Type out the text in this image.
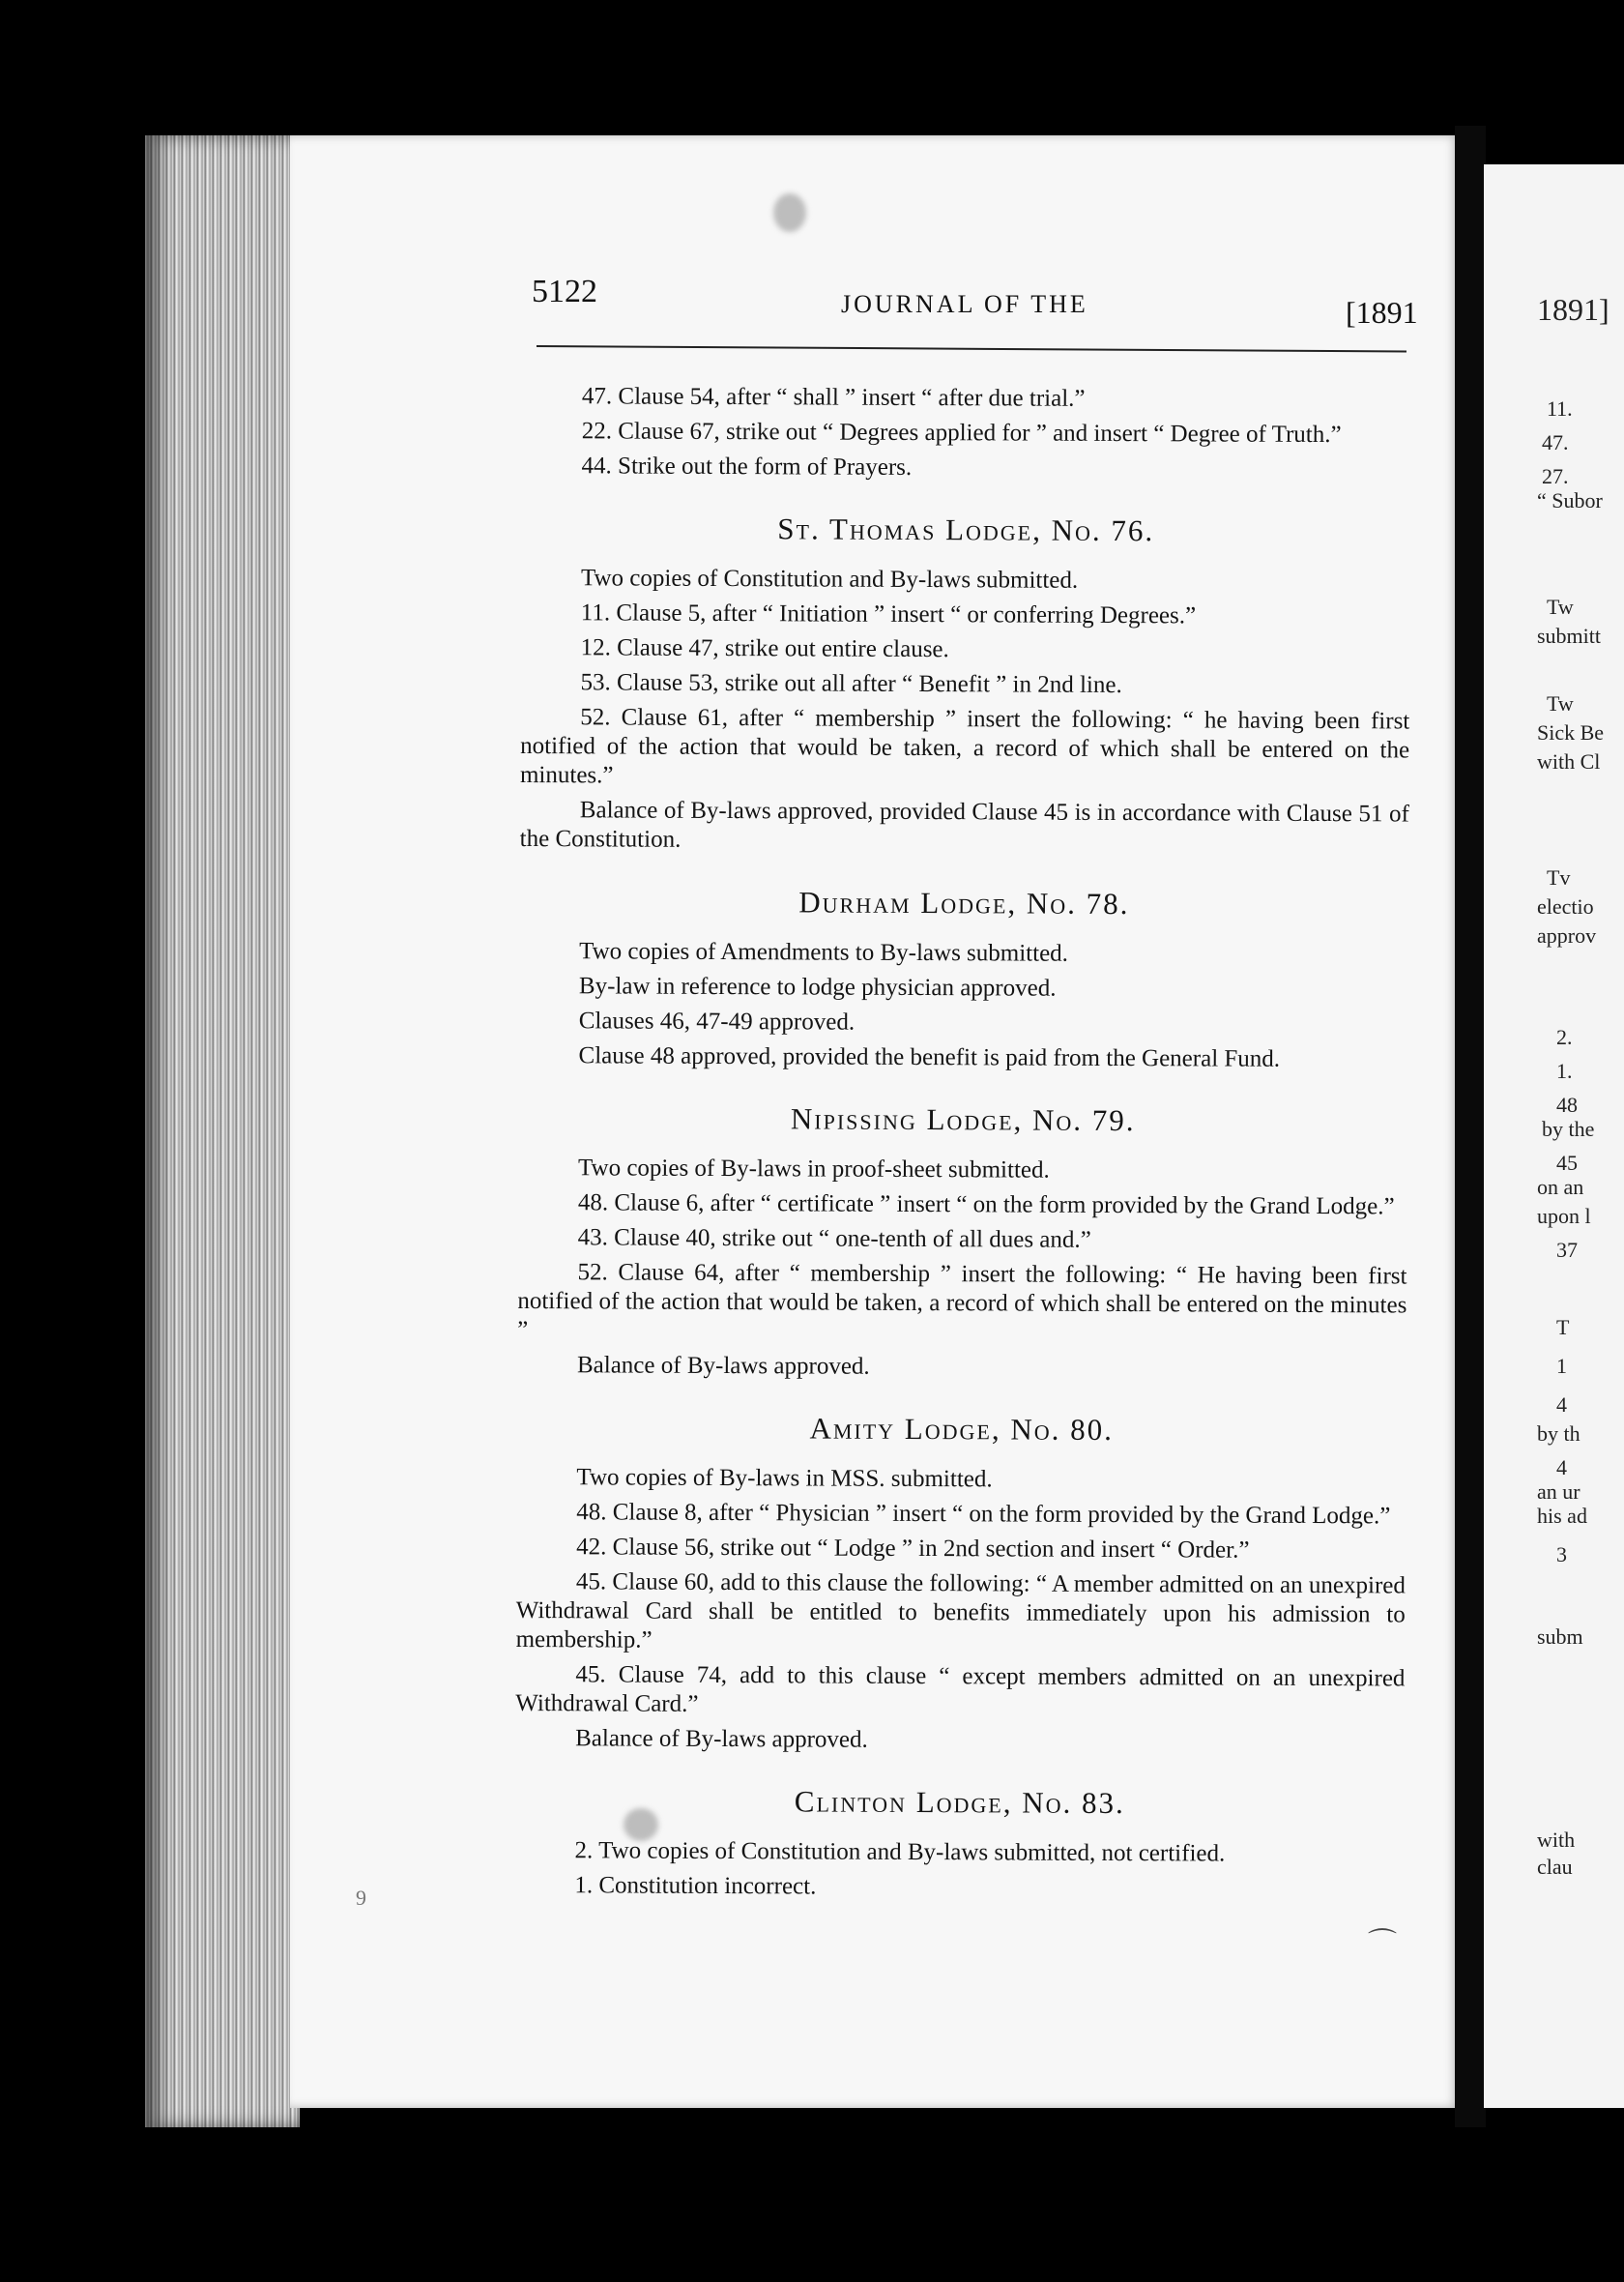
5122	JOURNAL OF THE	[1891

47. Clause 54, after “ shall ” insert “ after due trial.”

22. Clause 67, strike out “ Degrees applied for ” and insert “ Degree of Truth.”

44. Strike out the form of Prayers.

St. Thomas Lodge, No. 76.

Two copies of Constitution and By-laws submitted.

11. Clause 5, after “ Initiation ” insert “ or conferring Degrees.”

12. Clause 47, strike out entire clause.

53. Clause 53, strike out all after “ Benefit ” in 2nd line.

52. Clause 61, after “ membership ” insert the following: “ he having been first notified of the action that would be taken, a record of which shall be entered on the minutes.”

Balance of By-laws approved, provided Clause 45 is in accordance with Clause 51 of the Constitution.

Durham Lodge, No. 78.

Two copies of Amendments to By-laws submitted.

By-law in reference to lodge physician approved.

Clauses 46, 47-49 approved.

Clause 48 approved, provided the benefit is paid from the General Fund.

Nipissing Lodge, No. 79.

Two copies of By-laws in proof-sheet submitted.

48. Clause 6, after “ certificate ” insert “ on the form provided by the Grand Lodge.”

43. Clause 40, strike out “ one-tenth of all dues and.”

52. Clause 64, after “ membership ” insert the following: “ He having been first notified of the action that would be taken, a record of which shall be entered on the minutes ”

Balance of By-laws approved.

Amity Lodge, No. 80.

Two copies of By-laws in MSS. submitted.

48. Clause 8, after “ Physician ” insert “ on the form provided by the Grand Lodge.”

42. Clause 56, strike out “ Lodge ” in 2nd section and insert “ Order.”

45. Clause 60, add to this clause the following: “ A member admitted on an unexpired Withdrawal Card shall be entitled to benefits immediately upon his admission to membership.”

45. Clause 74, add to this clause “ except members admitted on an unexpired Withdrawal Card.”

Balance of By-laws approved.

Clinton Lodge, No. 83.

2. Two copies of Constitution and By-laws submitted, not certified.

1. Constitution incorrect.

9
⌒
1891]
11.
47.
27.
“ Subor
Tw
submitt
Tw
Sick Be
with Cl
Tv
electio
approv
2.
1.
48
by the
45
on an
upon l
37
T
1
4
by th
4
an ur
his ad
3
subm
with
clau
